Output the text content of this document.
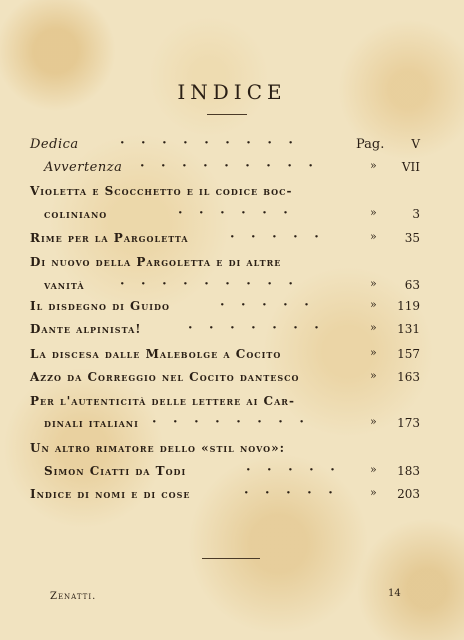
INDICE
Pag.
Dedica	· · · · · · · · ·	V
Avvertenza · · · · · · · · ·	» VII
Violetta e Scocchetto e il codice boc-
coliniano	· · · · · ·	»	3
Rime per la Pargoletta	· · · · ·	» 35
Di nuovo della Pargoletta e di altre
vanità	· · · · · · · · ·	» 63
Il disdegno di Guido	· · · · ·	» 119
Dante alpinista!	· · · · · · ·	» 131
La discesa dalle Malebolge a Cocito	» 157
Azzo da Correggio nel Cocito dantesco	» 163
Per l'autenticità delle lettere ai Car-
dinali italiani · · · · · · · ·	» 173
Un altro rimatore dello «stil novo»:
Simon Ciatti da Todi	· · · · ·	» 183
Indice di nomi e di cose	· · · · ·	» 203
Zenatti.	14
